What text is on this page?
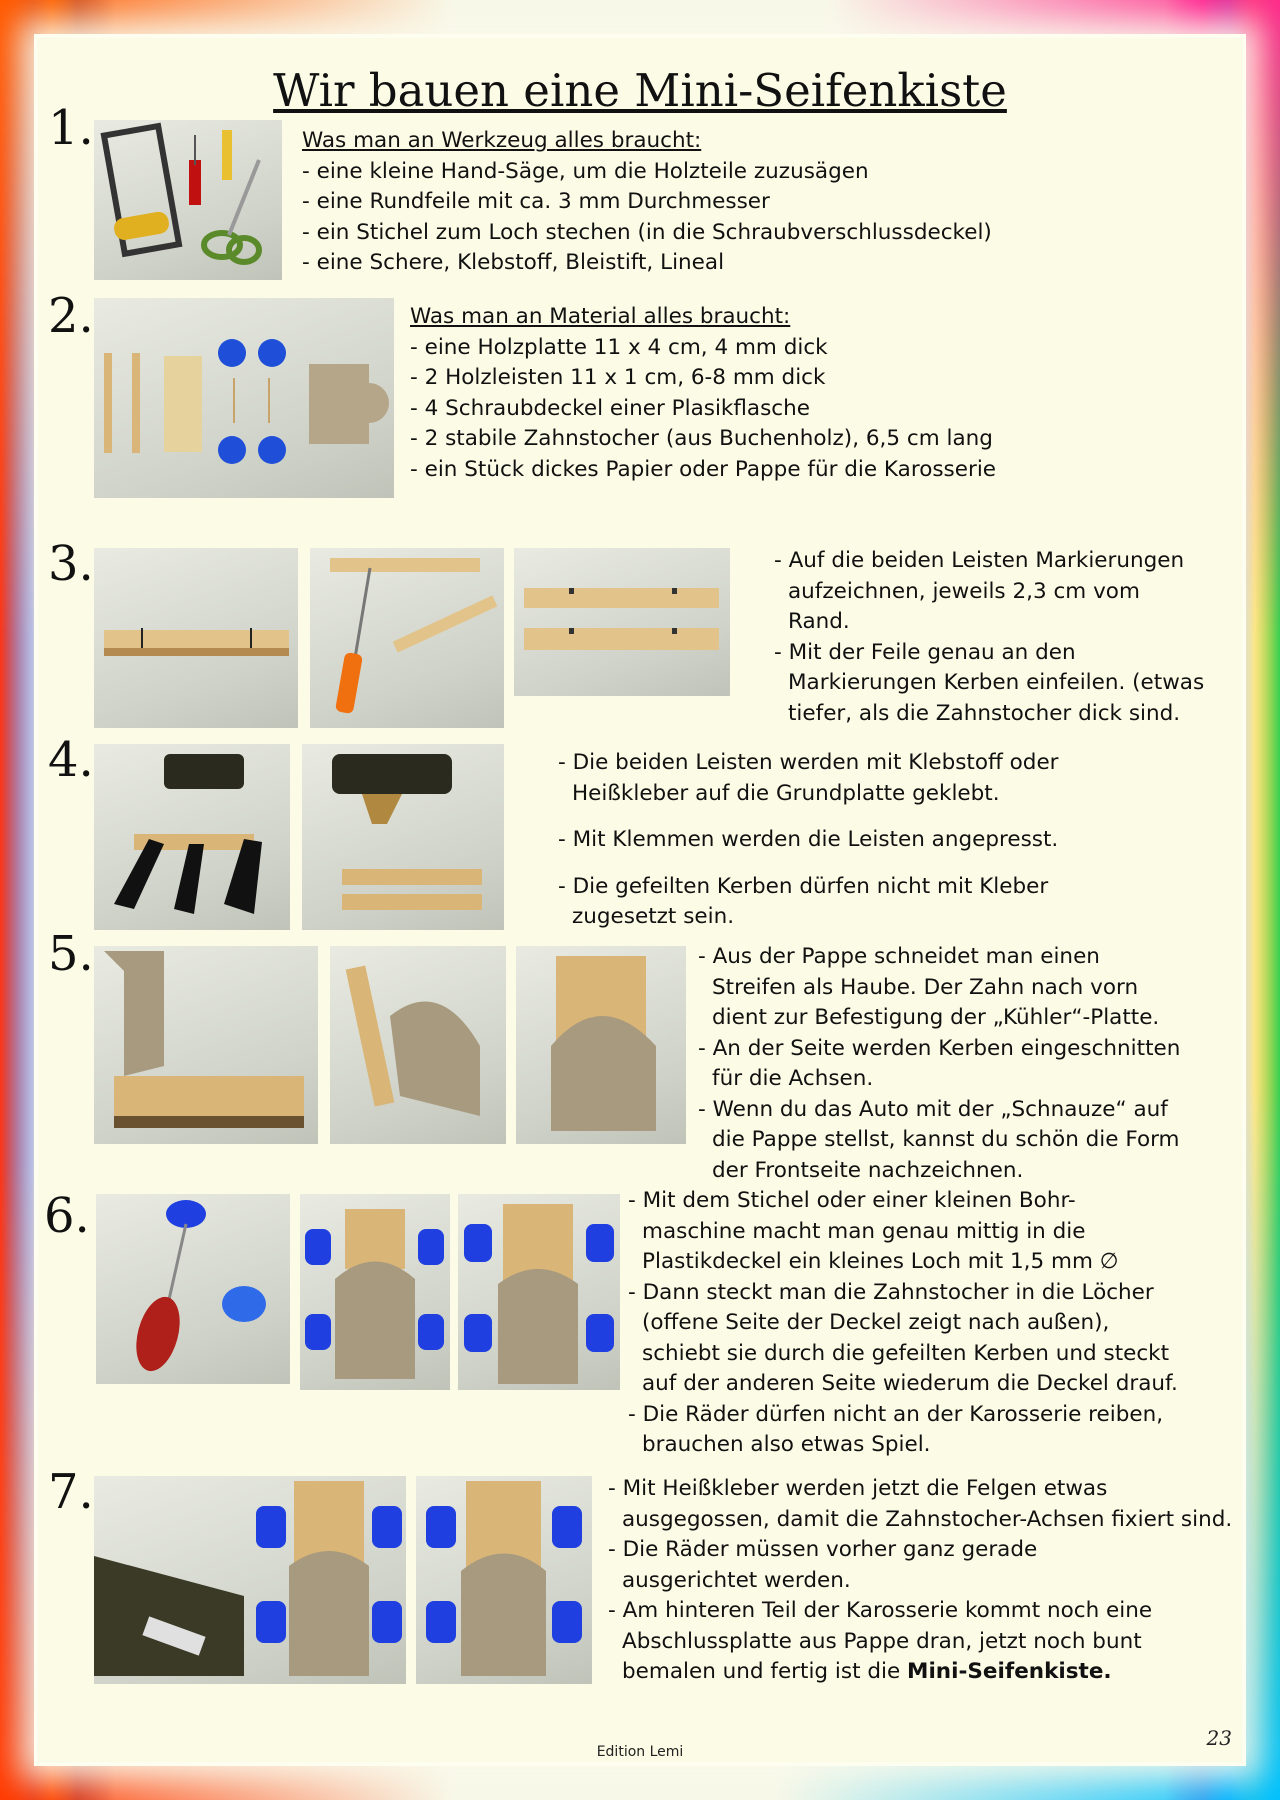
Wir bauen eine Mini-Seifenkiste
1.	Was man an Werkzeug alles braucht:
- eine kleine Hand-Säge, um die Holzteile zuzusägen
- eine Rundfeile mit ca. 3 mm Durchmesser
- ein Stichel zum Loch stechen (in die Schraubverschlussdeckel)
- eine Schere, Klebstoff, Bleistift, Lineal
2.	Was man an Material alles braucht:
- eine Holzplatte 11 x 4 cm, 4 mm dick
- 2 Holzleisten 11 x 1 cm, 6-8 mm dick
- 4 Schraubdeckel einer Plasikflasche
- 2 stabile Zahnstocher (aus Buchenholz), 6,5 cm lang
- ein Stück dickes Papier oder Pappe für die Karosserie
3.	- Auf die beiden Leisten Markierungen
aufzeichnen, jeweils 2,3 cm vom
Rand.
- Mit der Feile genau an den
Markierungen Kerben einfeilen. (etwas
tiefer, als die Zahnstocher dick sind.
4.	- Die beiden Leisten werden mit Klebstoff oder
Heißkleber auf die Grundplatte geklebt.
- Mit Klemmen werden die Leisten angepresst.
- Die gefeilten Kerben dürfen nicht mit Kleber
zugesetzt sein.
5.	- Aus der Pappe schneidet man einen
Streifen als Haube. Der Zahn nach vorn
dient zur Befestigung der „Kühler“-Platte.
- An der Seite werden Kerben eingeschnitten
für die Achsen.
- Wenn du das Auto mit der „Schnauze“ auf
die Pappe stellst, kannst du schön die Form
der Frontseite nachzeichnen.
6.	- Mit dem Stichel oder einer kleinen Bohr-
maschine macht man genau mittig in die
Plastikdeckel ein kleines Loch mit 1,5 mm ∅
- Dann steckt man die Zahnstocher in die Löcher
(offene Seite der Deckel zeigt nach außen),
schiebt sie durch die gefeilten Kerben und steckt
auf der anderen Seite wiederum die Deckel drauf.
- Die Räder dürfen nicht an der Karosserie reiben,
brauchen also etwas Spiel.
7.	- Mit Heißkleber werden jetzt die Felgen etwas
ausgegossen, damit die Zahnstocher-Achsen fixiert sind.
- Die Räder müssen vorher ganz gerade
ausgerichtet werden.
- Am hinteren Teil der Karosserie kommt noch eine
Abschlussplatte aus Pappe dran, jetzt noch bunt
bemalen und fertig ist die Mini-Seifenkiste.
Edition Lemi
23
